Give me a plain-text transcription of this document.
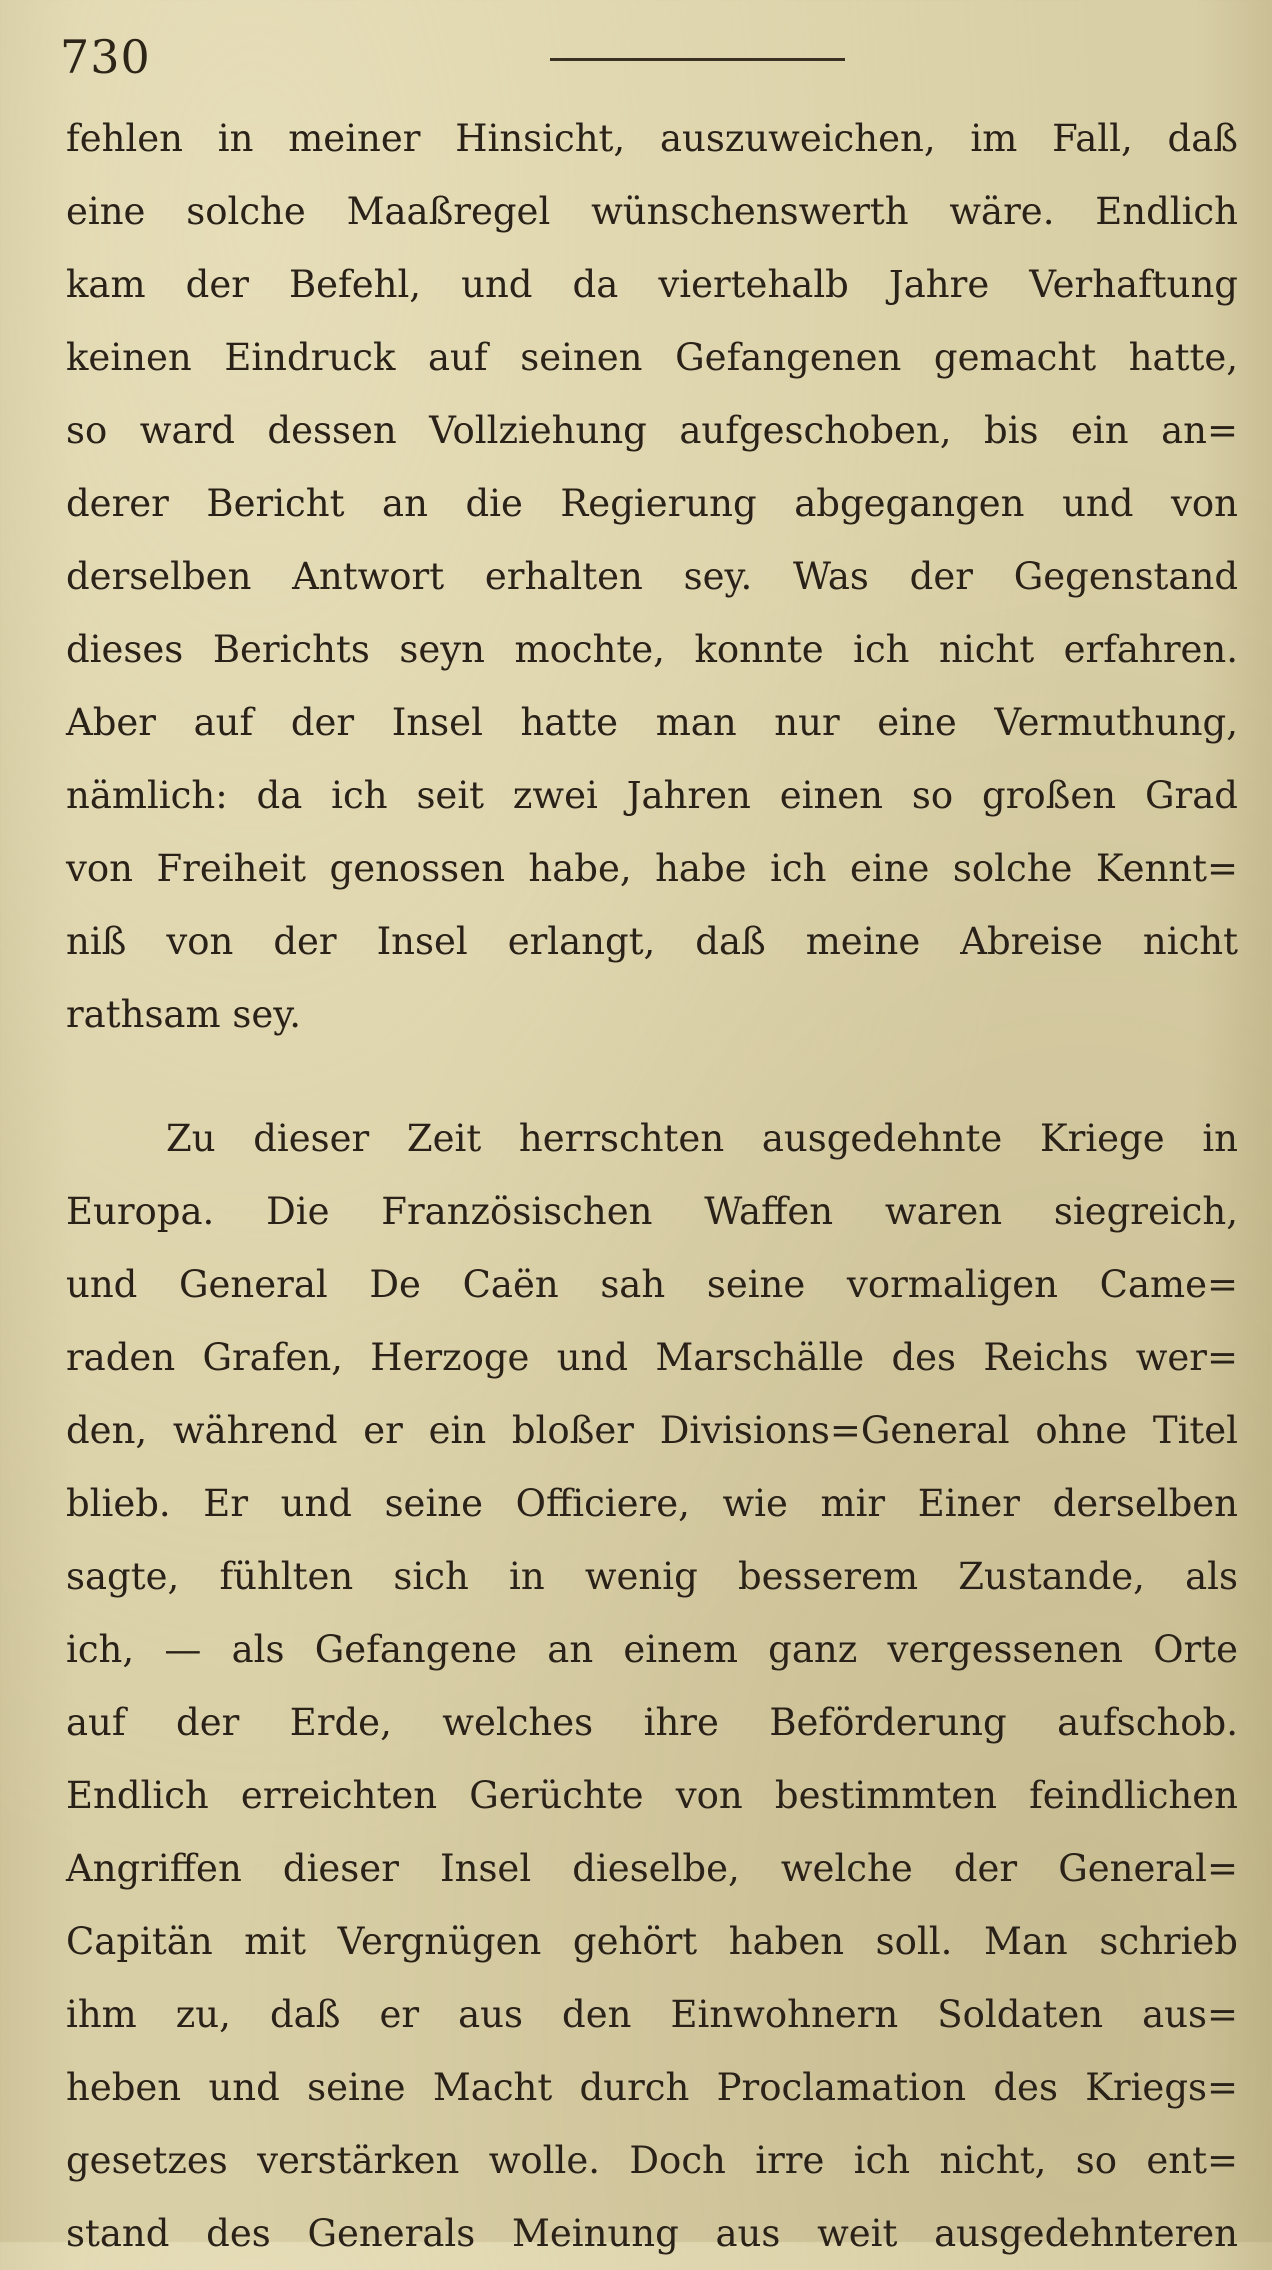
730
fehlen in meiner Hinsicht, auszuweichen, im Fall, daß
eine solche Maaßregel wünschenswerth wäre. Endlich
kam der Befehl, und da viertehalb Jahre Verhaftung
keinen Eindruck auf seinen Gefangenen gemacht hatte,
so ward dessen Vollziehung aufgeschoben, bis ein an=
derer Bericht an die Regierung abgegangen und von
derselben Antwort erhalten sey. Was der Gegenstand
dieses Berichts seyn mochte, konnte ich nicht erfahren.
Aber auf der Insel hatte man nur eine Vermuthung,
nämlich: da ich seit zwei Jahren einen so großen Grad
von Freiheit genossen habe, habe ich eine solche Kennt=
niß von der Insel erlangt, daß meine Abreise nicht
rathsam sey.
Zu dieser Zeit herrschten ausgedehnte Kriege in
Europa. Die Französischen Waffen waren siegreich,
und General De Caën sah seine vormaligen Came=
raden Grafen, Herzoge und Marschälle des Reichs wer=
den, während er ein bloßer Divisions=General ohne Titel
blieb. Er und seine Officiere, wie mir Einer derselben
sagte, fühlten sich in wenig besserem Zustande, als
ich, — als Gefangene an einem ganz vergessenen Orte
auf der Erde, welches ihre Beförderung aufschob.
Endlich erreichten Gerüchte von bestimmten feindlichen
Angriffen dieser Insel dieselbe, welche der General=
Capitän mit Vergnügen gehört haben soll. Man schrieb
ihm zu, daß er aus den Einwohnern Soldaten aus=
heben und seine Macht durch Proclamation des Kriegs=
gesetzes verstärken wolle. Doch irre ich nicht, so ent=
stand des Generals Meinung aus weit ausgedehnteren
